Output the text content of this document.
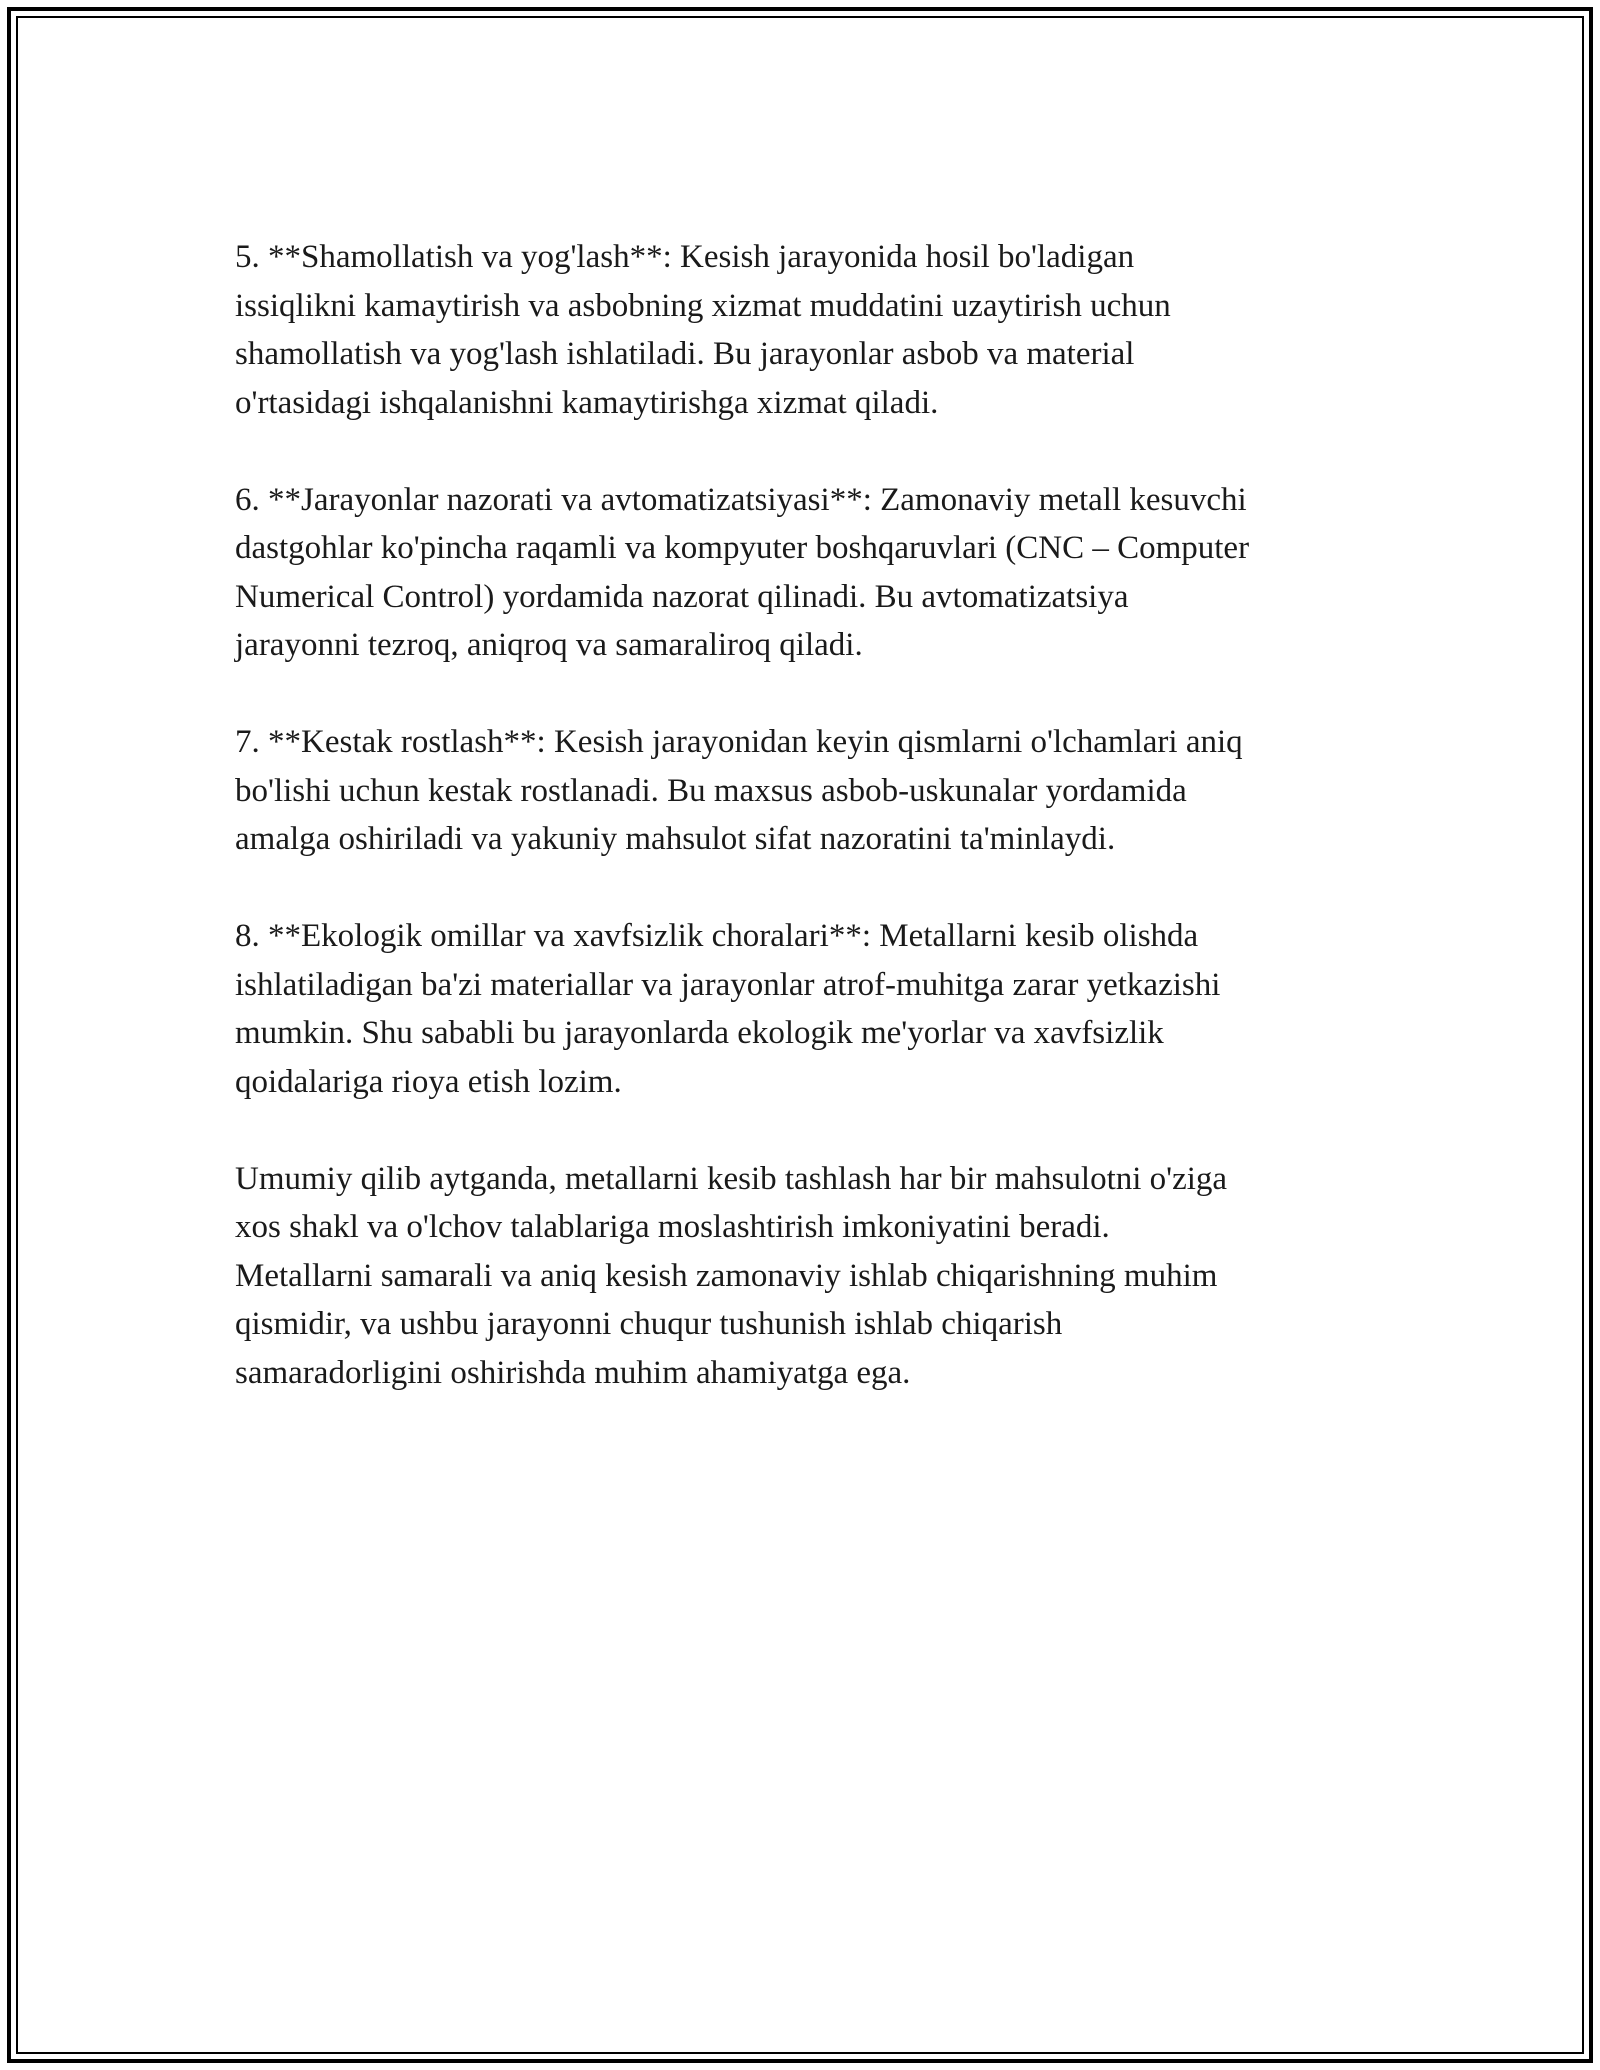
5. **Shamollatish va yog'lash**: Kesish jarayonida hosil bo'ladigan
issiqlikni kamaytirish va asbobning xizmat muddatini uzaytirish uchun
shamollatish va yog'lash ishlatiladi. Bu jarayonlar asbob va material
o'rtasidagi ishqalanishni kamaytirishga xizmat qiladi.

6. **Jarayonlar nazorati va avtomatizatsiyasi**: Zamonaviy metall kesuvchi
dastgohlar ko'pincha raqamli va kompyuter boshqaruvlari (CNC – Computer
Numerical Control) yordamida nazorat qilinadi. Bu avtomatizatsiya
jarayonni tezroq, aniqroq va samaraliroq qiladi.

7. **Kestak rostlash**: Kesish jarayonidan keyin qismlarni o'lchamlari aniq
bo'lishi uchun kestak rostlanadi. Bu maxsus asbob-uskunalar yordamida
amalga oshiriladi va yakuniy mahsulot sifat nazoratini ta'minlaydi.

8. **Ekologik omillar va xavfsizlik choralari**: Metallarni kesib olishda
ishlatiladigan ba'zi materiallar va jarayonlar atrof-muhitga zarar yetkazishi
mumkin. Shu sababli bu jarayonlarda ekologik me'yorlar va xavfsizlik
qoidalariga rioya etish lozim.

Umumiy qilib aytganda, metallarni kesib tashlash har bir mahsulotni o'ziga
xos shakl va o'lchov talablariga moslashtirish imkoniyatini beradi.
Metallarni samarali va aniq kesish zamonaviy ishlab chiqarishning muhim
qismidir, va ushbu jarayonni chuqur tushunish ishlab chiqarish
samaradorligini oshirishda muhim ahamiyatga ega.
